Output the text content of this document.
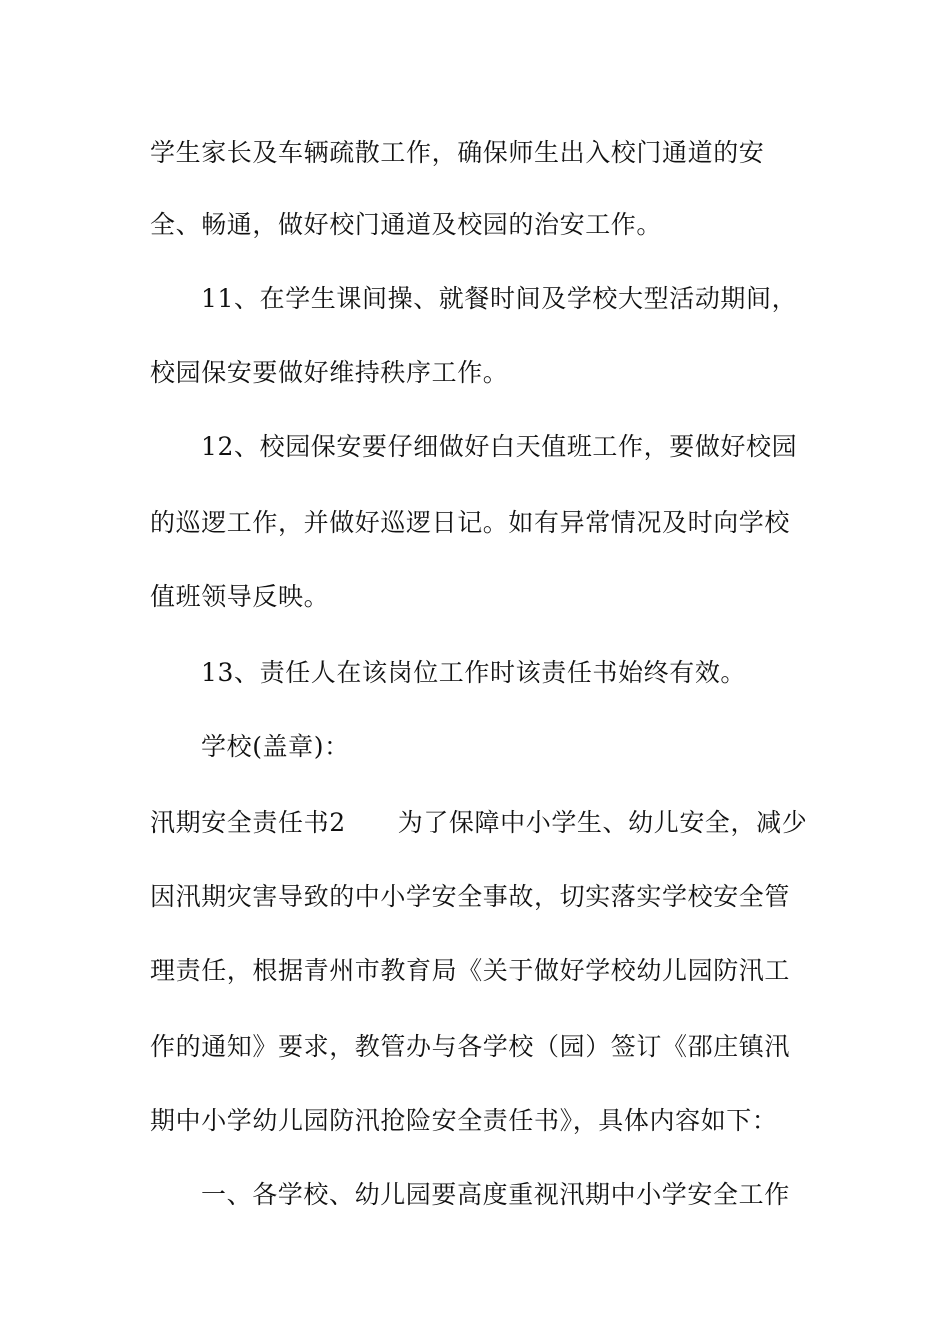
学生家长及车辆疏散工作，确保师生出入校门通道的安
全、畅通，做好校门通道及校园的治安工作。
11、在学生课间操、就餐时间及学校大型活动期间，
校园保安要做好维持秩序工作。
12、校园保安要仔细做好白天值班工作，要做好校园
的巡逻工作，并做好巡逻日记。如有异常情况及时向学校
值班领导反映。
13、责任人在该岗位工作时该责任书始终有效。
学校(盖章)：
汛期安全责任书2 为了保障中小学生、幼儿安全，减少
因汛期灾害导致的中小学安全事故，切实落实学校安全管
理责任，根据青州市教育局《关于做好学校幼儿园防汛工
作的通知》要求，教管办与各学校（园）签订《邵庄镇汛
期中小学幼儿园防汛抢险安全责任书》，具体内容如下：
一、各学校、幼儿园要高度重视汛期中小学安全工作
